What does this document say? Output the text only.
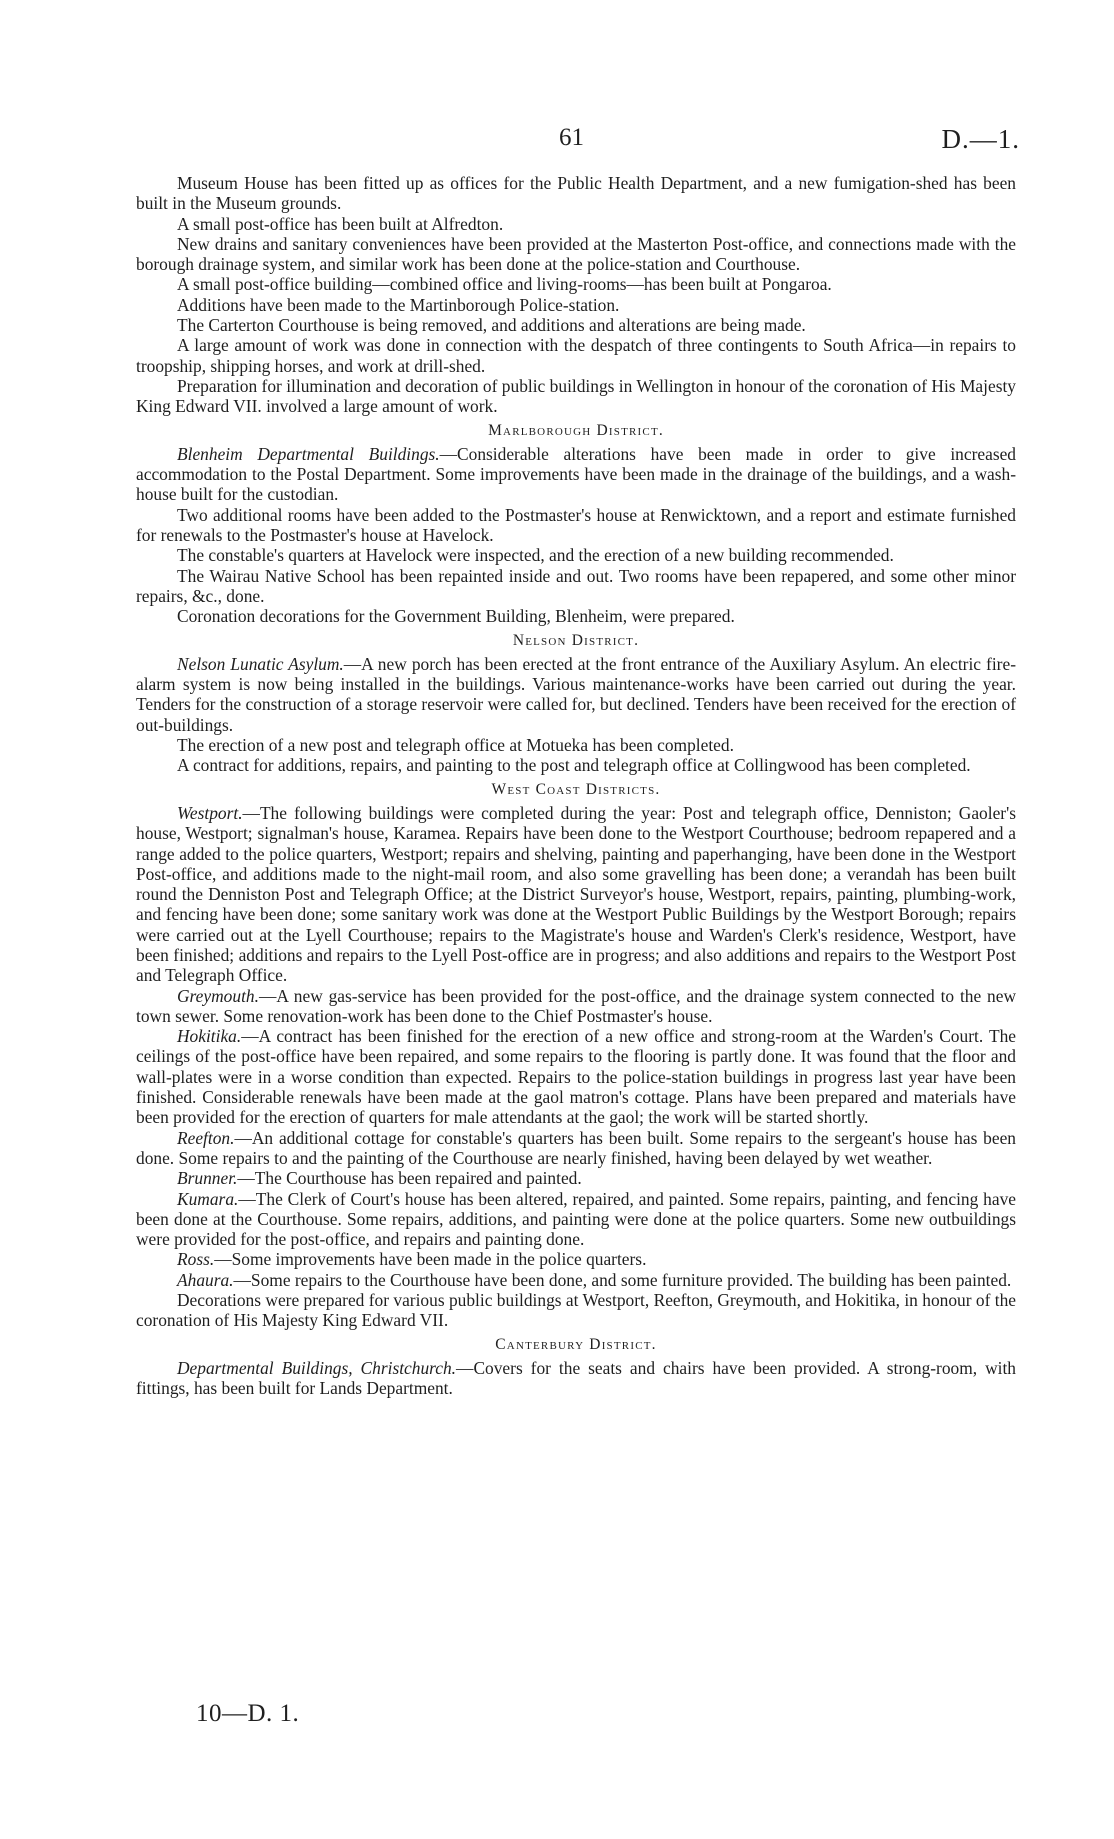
61	D.—1.

Museum House has been fitted up as offices for the Public Health Department, and a new fumigation-shed has been built in the Museum grounds.

A small post-office has been built at Alfredton.

New drains and sanitary conveniences have been provided at the Masterton Post-office, and connections made with the borough drainage system, and similar work has been done at the police-station and Courthouse.

A small post-office building—combined office and living-rooms—has been built at Pongaroa.

Additions have been made to the Martinborough Police-station.

The Carterton Courthouse is being removed, and additions and alterations are being made.

A large amount of work was done in connection with the despatch of three contingents to South Africa—in repairs to troopship, shipping horses, and work at drill-shed.

Preparation for illumination and decoration of public buildings in Wellington in honour of the coronation of His Majesty King Edward VII. involved a large amount of work.

Marlborough District.

Blenheim Departmental Buildings.—Considerable alterations have been made in order to give increased accommodation to the Postal Department. Some improvements have been made in the drainage of the buildings, and a wash-house built for the custodian.

Two additional rooms have been added to the Postmaster's house at Renwicktown, and a report and estimate furnished for renewals to the Postmaster's house at Havelock.

The constable's quarters at Havelock were inspected, and the erection of a new building recommended.

The Wairau Native School has been repainted inside and out. Two rooms have been repapered, and some other minor repairs, &c., done.

Coronation decorations for the Government Building, Blenheim, were prepared.

Nelson District.

Nelson Lunatic Asylum.—A new porch has been erected at the front entrance of the Auxiliary Asylum. An electric fire-alarm system is now being installed in the buildings. Various maintenance-works have been carried out during the year. Tenders for the construction of a storage reservoir were called for, but declined. Tenders have been received for the erection of out-buildings.

The erection of a new post and telegraph office at Motueka has been completed.

A contract for additions, repairs, and painting to the post and telegraph office at Collingwood has been completed.

West Coast Districts.

Westport.—The following buildings were completed during the year: Post and telegraph office, Denniston; Gaoler's house, Westport; signalman's house, Karamea. Repairs have been done to the Westport Courthouse; bedroom repapered and a range added to the police quarters, Westport; repairs and shelving, painting and paperhanging, have been done in the Westport Post-office, and additions made to the night-mail room, and also some gravelling has been done; a verandah has been built round the Denniston Post and Telegraph Office; at the District Surveyor's house, Westport, repairs, painting, plumbing-work, and fencing have been done; some sanitary work was done at the Westport Public Buildings by the Westport Borough; repairs were carried out at the Lyell Courthouse; repairs to the Magistrate's house and Warden's Clerk's residence, Westport, have been finished; additions and repairs to the Lyell Post-office are in progress; and also additions and repairs to the Westport Post and Telegraph Office.

Greymouth.—A new gas-service has been provided for the post-office, and the drainage system connected to the new town sewer. Some renovation-work has been done to the Chief Postmaster's house.

Hokitika.—A contract has been finished for the erection of a new office and strong-room at the Warden's Court. The ceilings of the post-office have been repaired, and some repairs to the flooring is partly done. It was found that the floor and wall-plates were in a worse condition than expected. Repairs to the police-station buildings in progress last year have been finished. Considerable renewals have been made at the gaol matron's cottage. Plans have been prepared and materials have been provided for the erection of quarters for male attendants at the gaol; the work will be started shortly.

Reefton.—An additional cottage for constable's quarters has been built. Some repairs to the sergeant's house has been done. Some repairs to and the painting of the Courthouse are nearly finished, having been delayed by wet weather.

Brunner.—The Courthouse has been repaired and painted.

Kumara.—The Clerk of Court's house has been altered, repaired, and painted. Some repairs, painting, and fencing have been done at the Courthouse. Some repairs, additions, and painting were done at the police quarters. Some new outbuildings were provided for the post-office, and repairs and painting done.

Ross.—Some improvements have been made in the police quarters.

Ahaura.—Some repairs to the Courthouse have been done, and some furniture provided. The building has been painted.

Decorations were prepared for various public buildings at Westport, Reefton, Greymouth, and Hokitika, in honour of the coronation of His Majesty King Edward VII.

Canterbury District.

Departmental Buildings, Christchurch.—Covers for the seats and chairs have been provided. A strong-room, with fittings, has been built for Lands Department.

10—D. 1.
